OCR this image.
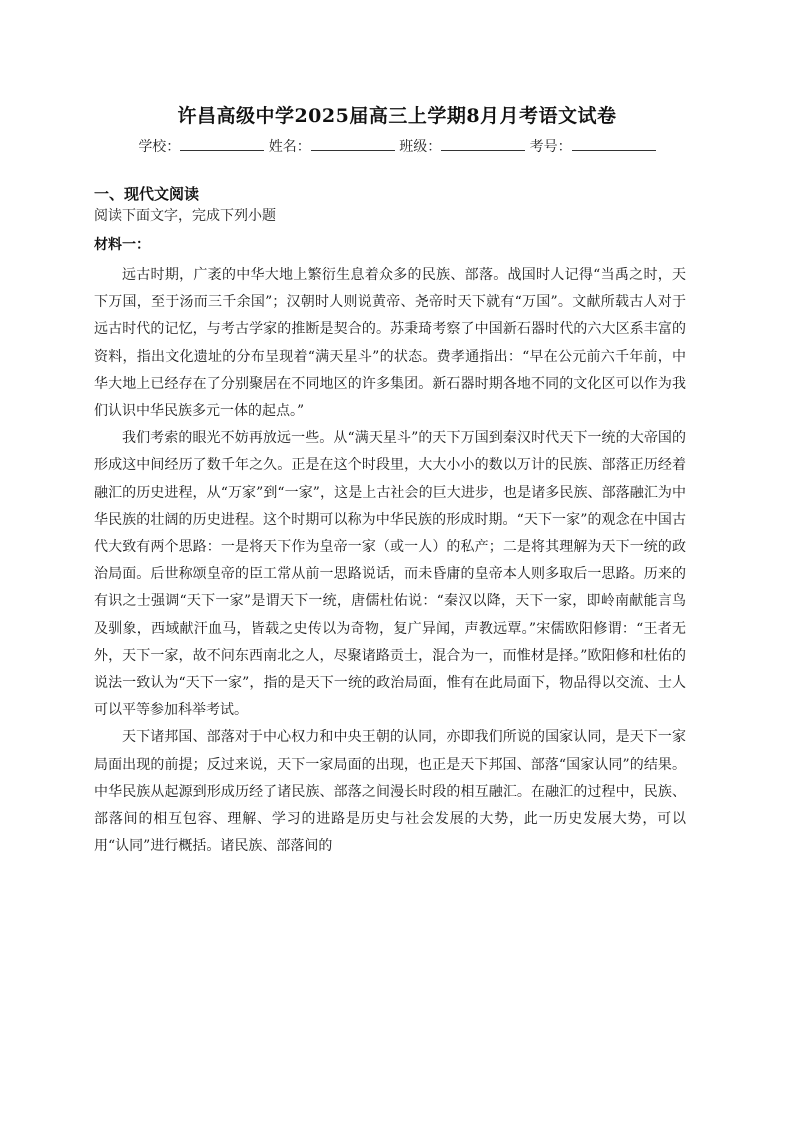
许昌高级中学2025届高三上学期8月月考语文试卷
学校：	姓名：	班级：	考号：
一、现代文阅读
阅读下面文字，完成下列小题
材料一：

远古时期，广袤的中华大地上繁衍生息着众多的民族、部落。战国时人记得“当禹之时，天下万国，至于汤而三千余国”；汉朝时人则说黄帝、尧帝时天下就有“万国”。文献所载古人对于远古时代的记忆，与考古学家的推断是契合的。苏秉琦考察了中国新石器时代的六大区系丰富的资料，指出文化遗址的分布呈现着“满天星斗”的状态。费孝通指出：“早在公元前六千年前，中华大地上已经存在了分别聚居在不同地区的许多集团。新石器时期各地不同的文化区可以作为我们认识中华民族多元一体的起点。”

我们考索的眼光不妨再放远一些。从“满天星斗”的天下万国到秦汉时代天下一统的大帝国的形成这中间经历了数千年之久。正是在这个时段里，大大小小的数以万计的民族、部落正历经着融汇的历史进程，从“万家”到“一家”，这是上古社会的巨大进步，也是诸多民族、部落融汇为中华民族的壮阔的历史进程。这个时期可以称为中华民族的形成时期。“天下一家”的观念在中国古代大致有两个思路：一是将天下作为皇帝一家（或一人）的私产；二是将其理解为天下一统的政治局面。后世称颂皇帝的臣工常从前一思路说话，而未昏庸的皇帝本人则多取后一思路。历来的有识之士强调“天下一家”是谓天下一统，唐儒杜佑说：“秦汉以降，天下一家，即岭南献能言鸟及驯象，西域献汗血马，皆载之史传以为奇物，复广异闻，声教远覃。”宋儒欧阳修谓：“王者无外，天下一家，故不问东西南北之人，尽聚诸路贡士，混合为一，而惟材是择。”欧阳修和杜佑的说法一致认为“天下一家”，指的是天下一统的政治局面，惟有在此局面下，物品得以交流、士人可以平等参加科举考试。

天下诸邦国、部落对于中心权力和中央王朝的认同，亦即我们所说的国家认同，是天下一家局面出现的前提；反过来说，天下一家局面的出现，也正是天下邦国、部落“国家认同”的结果。中华民族从起源到形成历经了诸民族、部落之间漫长时段的相互融汇。在融汇的过程中，民族、部落间的相互包容、理解、学习的进路是历史与社会发展的大势，此一历史发展大势，可以用“认同”进行概括。诸民族、部落间的
